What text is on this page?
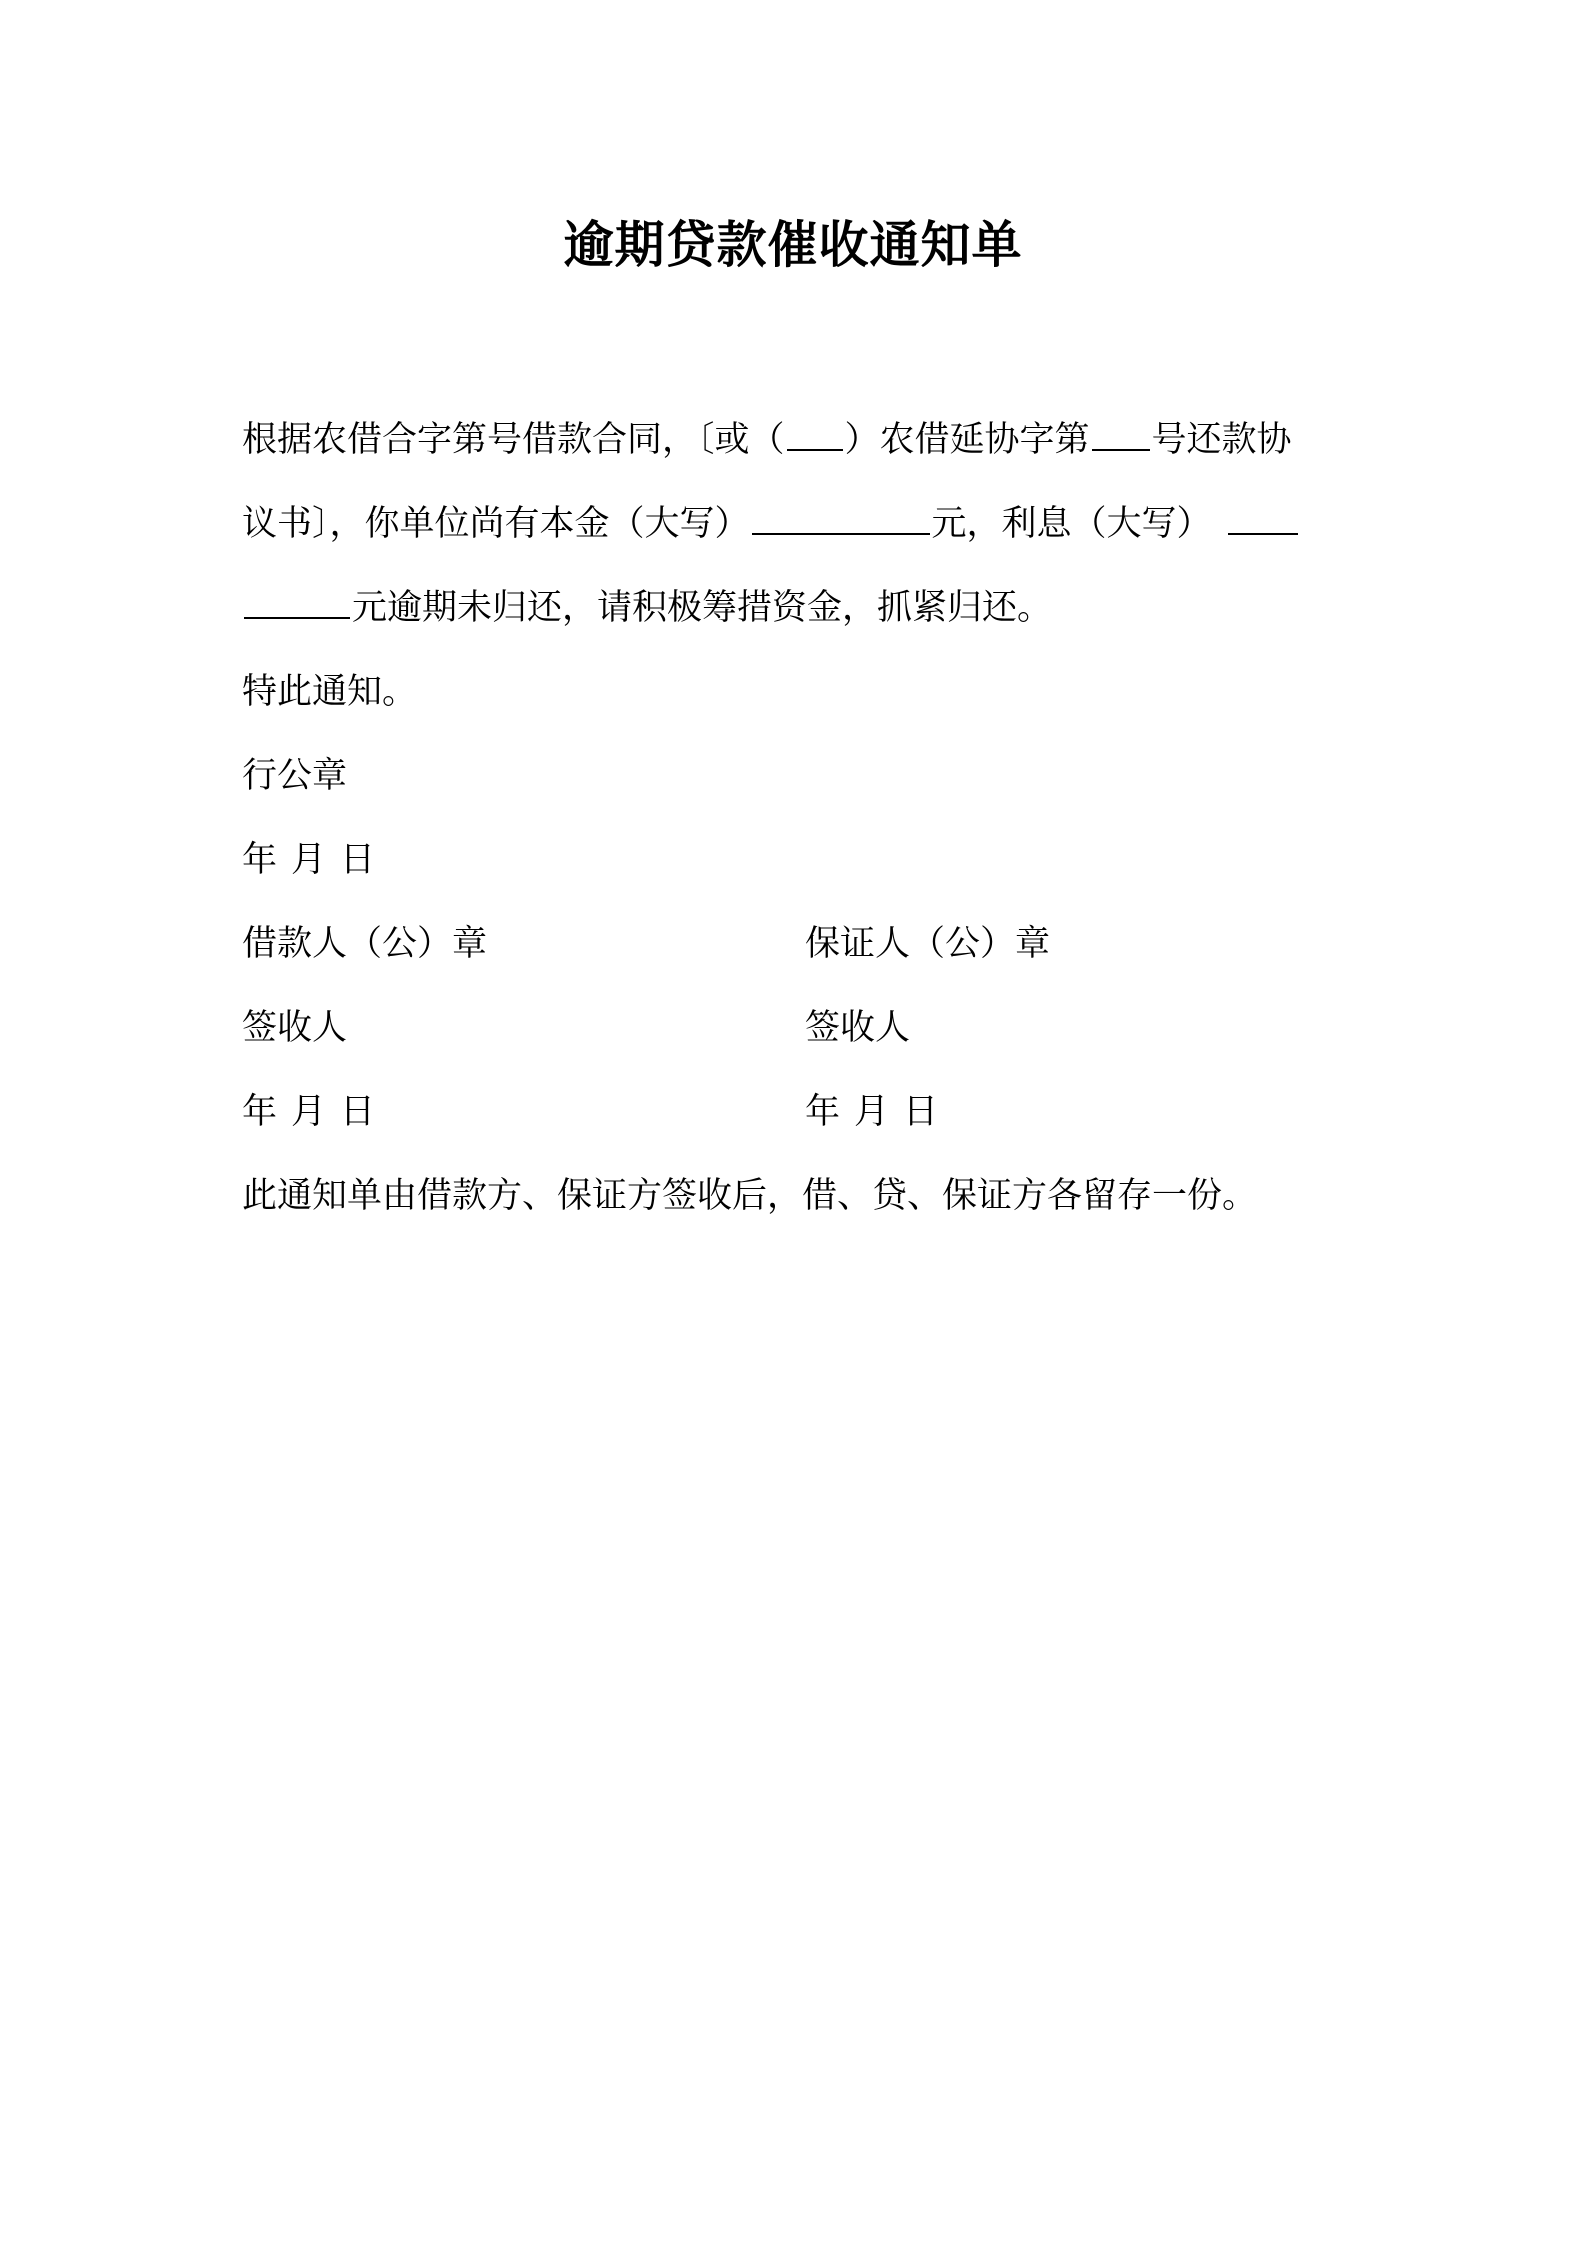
逾期贷款催收通知单
根据农借合字第号借款合同，〔或（ ）农借延协字第 号还款协
议书〕，你单位尚有本金（大写）	元，利息（大写）
元逾期未归还，请积极筹措资金，抓紧归还。
特此通知。
行公章
年 月 日
借款人（公）章	保证人（公）章
签收人	签收人
年 月 日	年 月 日
此通知单由借款方、保证方签收后，借、贷、保证方各留存一份。
